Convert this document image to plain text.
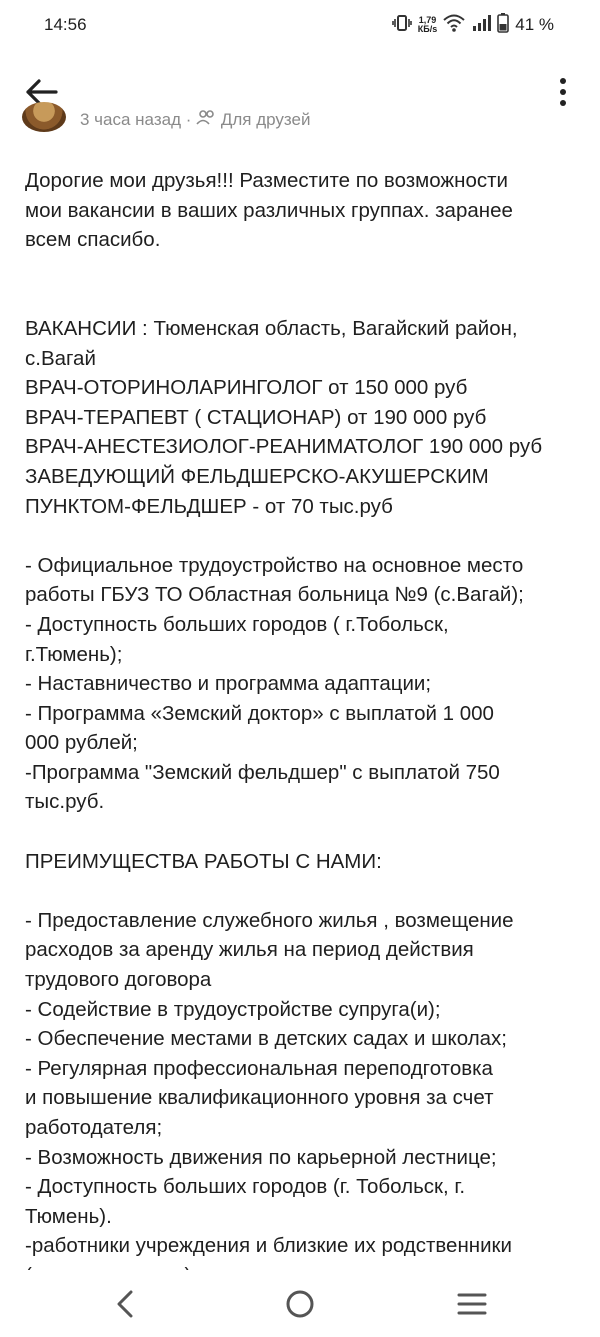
14:56	1,79
КБ/s	41 %
3 часа назад · Для друзей
Дорогие мои друзья!!! Разместите по возможности
мои вакансии в ваших различных группах. заранее
всем спасибо.
ВАКАНСИИ : Тюменская область, Вагайский район,
с.Вагай
ВРАЧ-ОТОРИНОЛАРИНГОЛОГ от 150 000 руб
ВРАЧ-ТЕРАПЕВТ ( СТАЦИОНАР) от 190 000 руб
ВРАЧ-АНЕСТЕЗИОЛОГ-РЕАНИМАТОЛОГ 190 000 руб
ЗАВЕДУЮЩИЙ ФЕЛЬДШЕРСКО-АКУШЕРСКИМ
ПУНКТОМ-ФЕЛЬДШЕР - от 70 тыс.руб
- Официальное трудоустройство на основное место
работы ГБУЗ ТО Областная больница №9 (с.Вагай);
- Доступность больших городов ( г.Тобольск,
г.Тюмень);
- Наставничество и программа адаптации;
- Программа «Земский доктор» с выплатой 1 000
000 рублей;
-Программа "Земский фельдшер" с выплатой 750
тыс.руб.
ПРЕИМУЩЕСТВА РАБОТЫ С НАМИ:
- Предоставление служебного жилья , возмещение
расходов за аренду жилья на период действия
трудового договора
- Содействие в трудоустройстве супруга(и);
- Обеспечение местами в детских садах и школах;
- Регулярная профессиональная переподготовка
и повышение квалификационного уровня за счет
работодателя;
- Возможность движения по карьерной лестнице;
- Доступность больших городов (г. Тобольск, г.
Тюмень).
-работники учреждения и близкие их родственники
